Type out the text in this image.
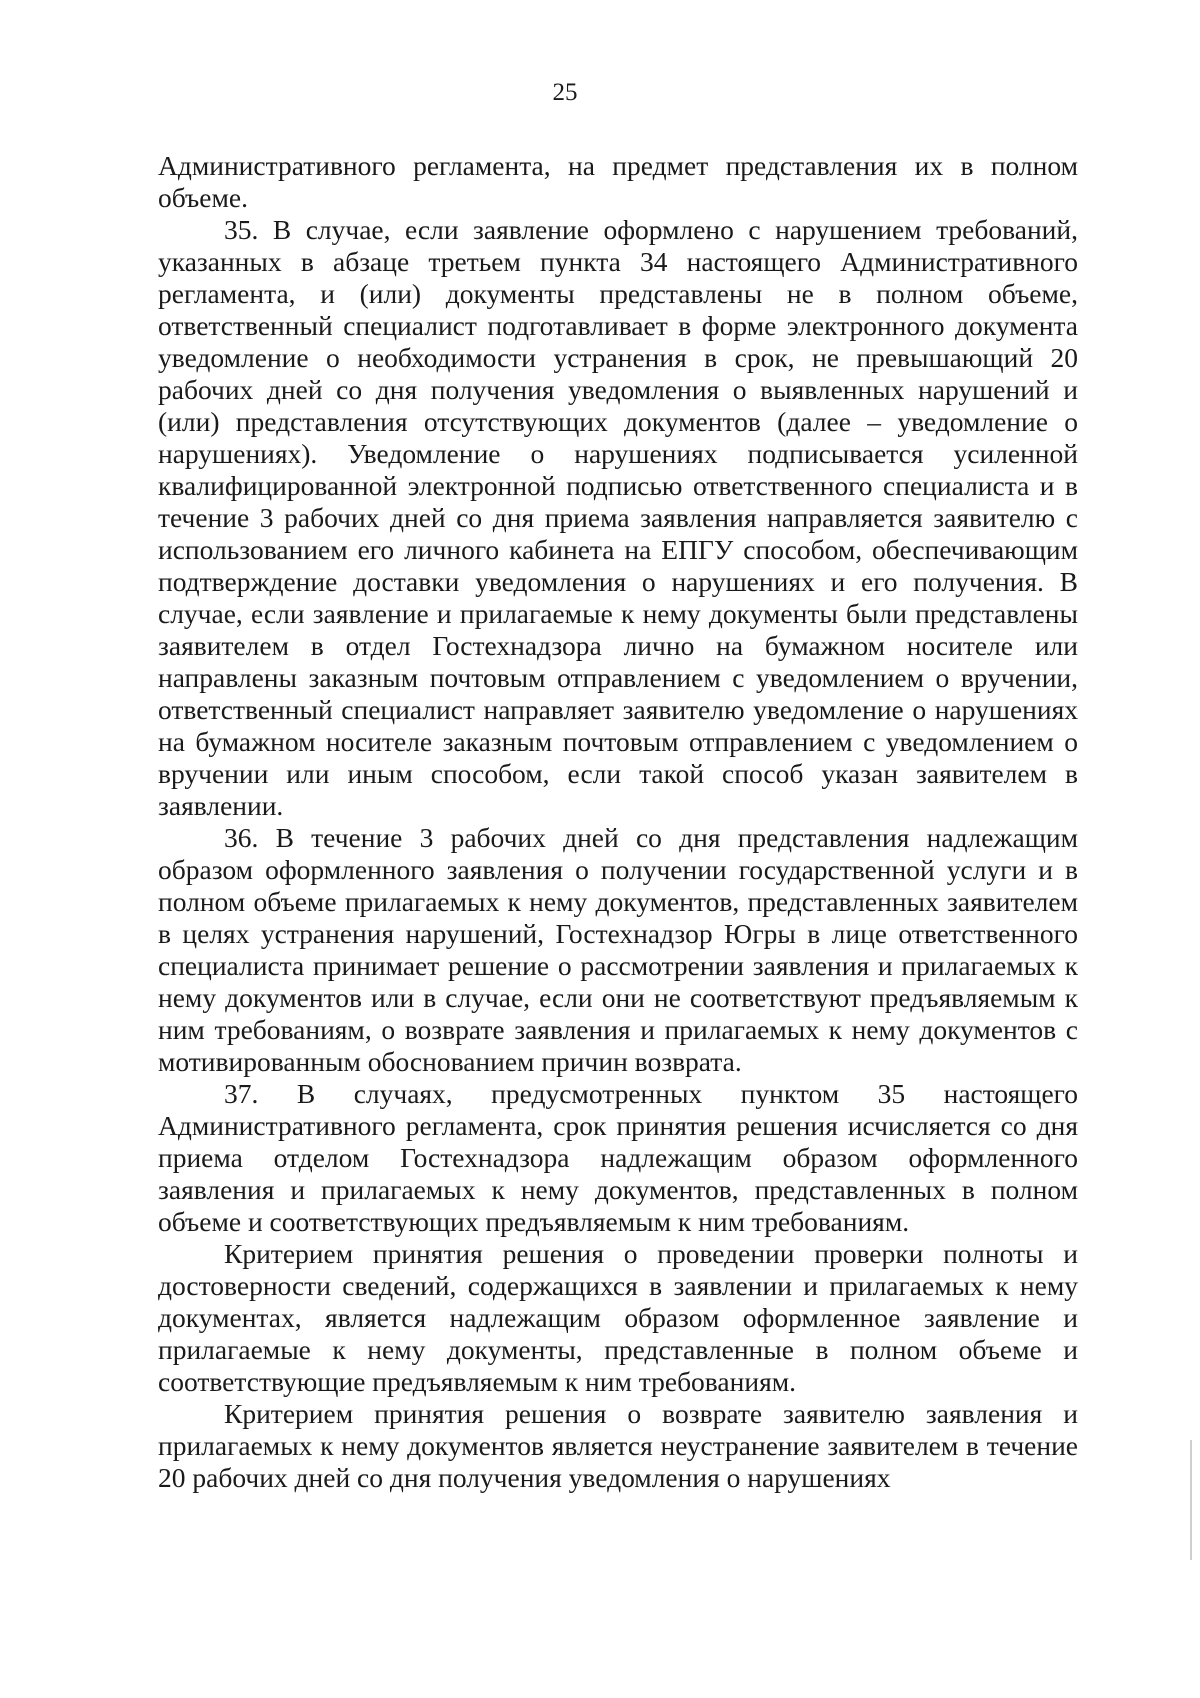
25

Административного регламента, на предмет представления их в полном объеме.

35. В случае, если заявление оформлено с нарушением требований, указанных в абзаце третьем пункта 34 настоящего Административного регламента, и (или) документы представлены не в полном объеме, ответственный специалист подготавливает в форме электронного документа уведомление о необходимости устранения в срок, не превышающий 20 рабочих дней со дня получения уведомления о выявленных нарушений и (или) представления отсутствующих документов (далее – уведомление о нарушениях). Уведомление о нарушениях подписывается усиленной квалифицированной электронной подписью ответственного специалиста и в течение 3 рабочих дней со дня приема заявления направляется заявителю с использованием его личного кабинета на ЕПГУ способом, обеспечивающим подтверждение доставки уведомления о нарушениях и его получения. В случае, если заявление и прилагаемые к нему документы были представлены заявителем в отдел Гостехнадзора лично на бумажном носителе или направлены заказным почтовым отправлением с уведомлением о вручении, ответственный специалист направляет заявителю уведомление о нарушениях на бумажном носителе заказным почтовым отправлением с уведомлением о вручении или иным способом, если такой способ указан заявителем в заявлении.

36. В течение 3 рабочих дней со дня представления надлежащим образом оформленного заявления о получении государственной услуги и в полном объеме прилагаемых к нему документов, представленных заявителем в целях устранения нарушений, Гостехнадзор Югры в лице ответственного специалиста принимает решение о рассмотрении заявления и прилагаемых к нему документов или в случае, если они не соответствуют предъявляемым к ним требованиям, о возврате заявления и прилагаемых к нему документов с мотивированным обоснованием причин возврата.

37. В случаях, предусмотренных пунктом 35 настоящего Административного регламента, срок принятия решения исчисляется со дня приема отделом Гостехнадзора надлежащим образом оформленного заявления и прилагаемых к нему документов, представленных в полном объеме и соответствующих предъявляемым к ним требованиям.

Критерием принятия решения о проведении проверки полноты и достоверности сведений, содержащихся в заявлении и прилагаемых к нему документах, является надлежащим образом оформленное заявление и прилагаемые к нему документы, представленные в полном объеме и соответствующие предъявляемым к ним требованиям.

Критерием принятия решения о возврате заявителю заявления и прилагаемых к нему документов является неустранение заявителем в течение 20 рабочих дней со дня получения уведомления о нарушениях
